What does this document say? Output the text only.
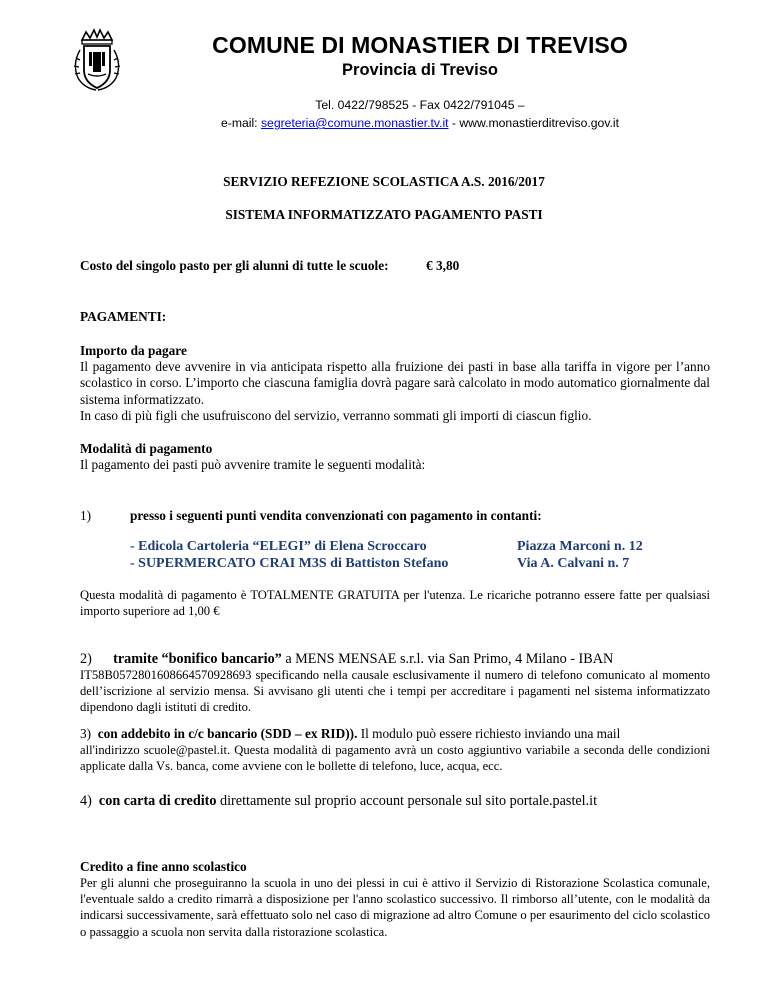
COMUNE DI MONASTIER DI TREVISO
Provincia di Treviso
Tel. 0422/798525 - Fax 0422/791045 –
e-mail: segreteria@comune.monastier.tv.it - www.monastierditreviso.gov.it
SERVIZIO REFEZIONE SCOLASTICA A.S. 2016/2017
SISTEMA INFORMATIZZATO PAGAMENTO PASTI
Costo del singolo pasto per gli alunni di tutte le scuole:	€ 3,80
PAGAMENTI:
Importo da pagare
Il pagamento deve avvenire in via anticipata rispetto alla fruizione dei pasti in base alla tariffa in vigore per l’anno scolastico in corso. L’importo che ciascuna famiglia dovrà pagare sarà calcolato in modo automatico giornalmente dal sistema informatizzato.
In caso di più figli che usufruiscono del servizio, verranno sommati gli importi di ciascun figlio.
Modalità di pagamento
Il pagamento dei pasti può avvenire tramite le seguenti modalità:
1)	presso i seguenti punti vendita convenzionati con pagamento in contanti:
- Edicola Cartoleria “ELEGI” di Elena Scroccaro	Piazza Marconi n. 12
- SUPERMERCATO CRAI M3S di Battiston Stefano	Via A. Calvani n. 7
Questa modalità di pagamento è TOTALMENTE GRATUITA per l'utenza. Le ricariche potranno essere fatte per qualsiasi importo superiore ad 1,00 €
2) tramite “bonifico bancario” a MENS MENSAE s.r.l. via San Primo, 4 Milano - IBAN
IT58B0572801608664570928693 specificando nella causale esclusivamente il numero di telefono comunicato al momento dell’iscrizione al servizio mensa. Si avvisano gli utenti che i tempi per accreditare i pagamenti nel sistema informatizzato dipendono dagli istituti di credito.
3) con addebito in c/c bancario (SDD – ex RID)). Il modulo può essere richiesto inviando una mail
all'indirizzo scuole@pastel.it. Questa modalità di pagamento avrà un costo aggiuntivo variabile a seconda delle condizioni applicate dalla Vs. banca, come avviene con le bollette di telefono, luce, acqua, ecc.
4) con carta di credito direttamente sul proprio account personale sul sito portale.pastel.it
Credito a fine anno scolastico
Per gli alunni che proseguiranno la scuola in uno dei plessi in cui è attivo il Servizio di Ristorazione Scolastica comunale, l'eventuale saldo a credito rimarrà a disposizione per l'anno scolastico successivo. Il rimborso all’utente, con le modalità da indicarsi successivamente, sarà effettuato solo nel caso di migrazione ad altro Comune o per esaurimento del ciclo scolastico o passaggio a scuola non servita dalla ristorazione scolastica.
